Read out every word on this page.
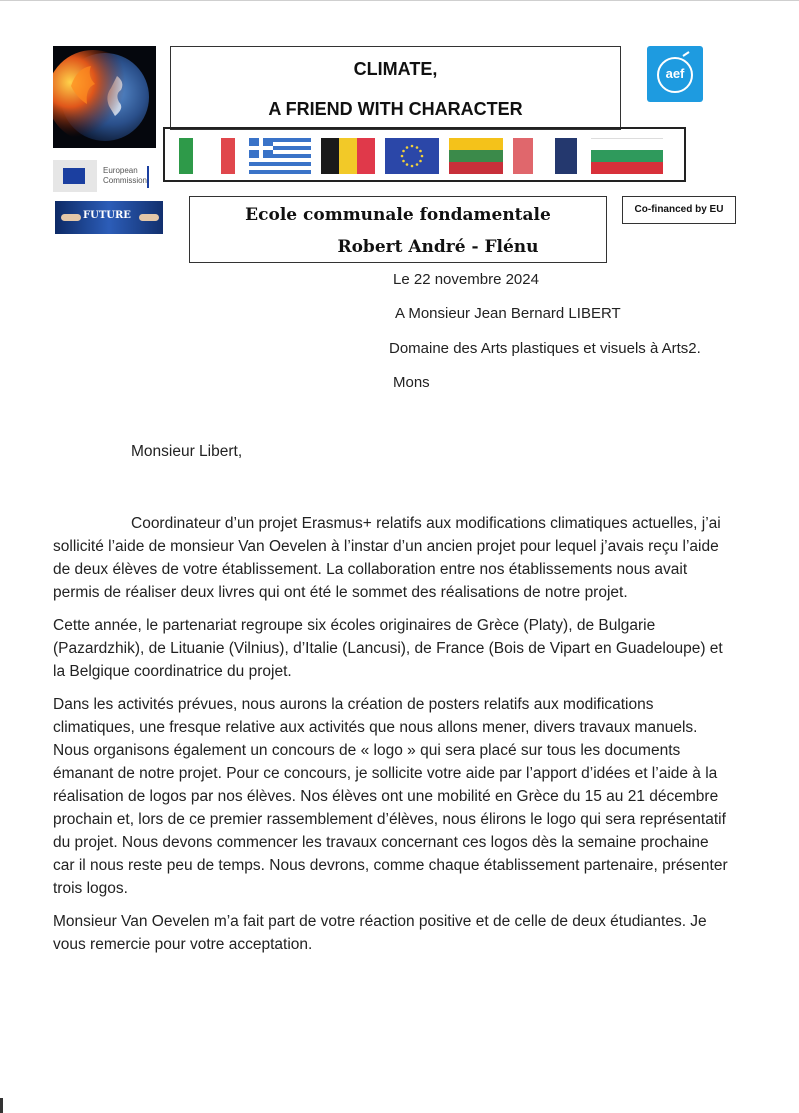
CLIMATE,
A FRIEND WITH CHARACTER
aef
European
Commission
FUTURE	Ecole communale fondamentale
Robert André - Flénu
Co-financed by EU
Le 22 novembre 2024
A Monsieur Jean Bernard LIBERT
Domaine des Arts plastiques et visuels à Arts2.
Mons
Monsieur Libert,

Coordinateur d’un projet Erasmus+ relatifs aux modifications climatiques actuelles, j’ai sollicité l’aide de monsieur Van Oevelen à l’instar d’un ancien projet pour lequel j’avais reçu l’aide de deux élèves de votre établissement. La collaboration entre nos établissements nous avait permis de réaliser deux livres qui ont été le sommet des réalisations de notre projet.

Cette année, le partenariat regroupe six écoles originaires de Grèce (Platy), de Bulgarie (Pazardzhik), de Lituanie (Vilnius), d’Italie (Lancusi), de France (Bois de Vipart en Guadeloupe) et la Belgique coordinatrice du projet.

Dans les activités prévues, nous aurons la création de posters relatifs aux modifications climatiques, une fresque relative aux activités que nous allons mener, divers travaux manuels. Nous organisons également un concours de « logo » qui sera placé sur tous les documents émanant de notre projet. Pour ce concours, je sollicite votre aide par l’apport d’idées et l’aide à la réalisation de logos par nos élèves. Nos élèves ont une mobilité en Grèce du 15 au 21 décembre prochain et, lors de ce premier rassemblement d’élèves, nous élirons le logo qui sera représentatif du projet. Nous devons commencer les travaux concernant ces logos dès la semaine prochaine car il nous reste peu de temps. Nous devrons, comme chaque établissement partenaire, présenter trois logos.

Monsieur Van Oevelen m’a fait part de votre réaction positive et de celle de deux étudiantes. Je vous remercie pour votre acceptation.
